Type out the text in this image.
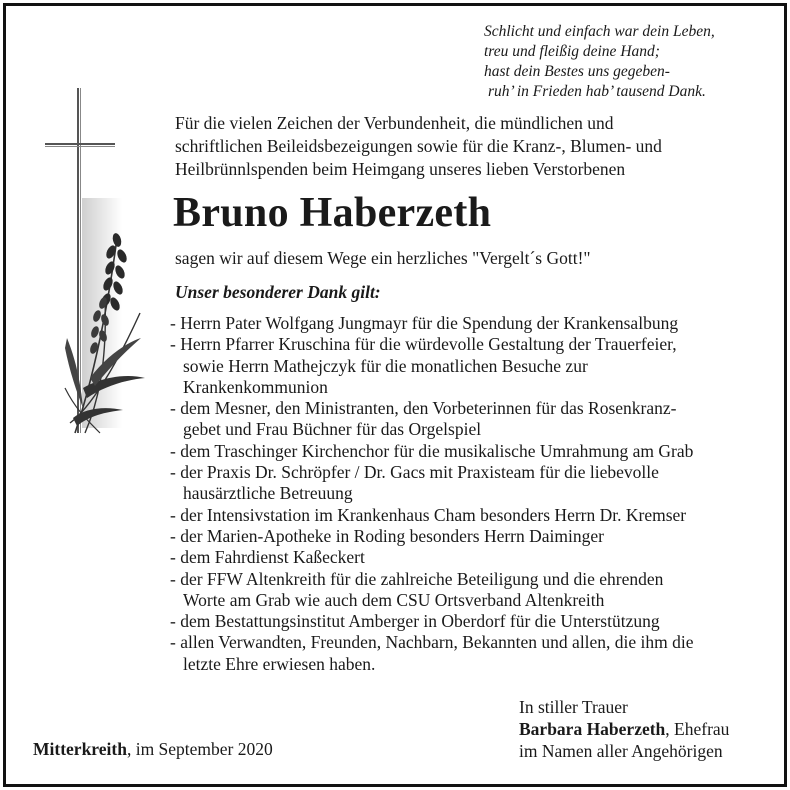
Schlicht und einfach war dein Leben,
treu und fleißig deine Hand;
hast dein Bestes uns gegeben-
ruh’ in Frieden hab’ tausend Dank.
Für die vielen Zeichen der Verbundenheit, die mündlichen und
schriftlichen Beileidsbezeigungen sowie für die Kranz-, Blumen- und
Heilbrünnlspenden beim Heimgang unseres lieben Verstorbenen
Bruno Haberzeth
sagen wir auf diesem Wege ein herzliches "Vergelt´s Gott!"
Unser besonderer Dank gilt:
- Herrn Pater Wolfgang Jungmayr für die Spendung der Krankensalbung
- Herrn Pfarrer Kruschina für die würdevolle Gestaltung der Trauerfeier,
sowie Herrn Mathejczyk für die monatlichen Besuche zur
Krankenkommunion
- dem Mesner, den Ministranten, den Vorbeterinnen für das Rosenkranz-
gebet und Frau Büchner für das Orgelspiel
- dem Traschinger Kirchenchor für die musikalische Umrahmung am Grab
- der Praxis Dr. Schröpfer / Dr. Gacs mit Praxisteam für die liebevolle
hausärztliche Betreuung
- der Intensivstation im Krankenhaus Cham besonders Herrn Dr. Kremser
- der Marien-Apotheke in Roding besonders Herrn Daiminger
- dem Fahrdienst Kaßeckert
- der FFW Altenkreith für die zahlreiche Beteiligung und die ehrenden
Worte am Grab wie auch dem CSU Ortsverband Altenkreith
- dem Bestattungsinstitut Amberger in Oberdorf für die Unterstützung
- allen Verwandten, Freunden, Nachbarn, Bekannten und allen, die ihm die
letzte Ehre erwiesen haben.
Mitterkreith, im September 2020
In stiller Trauer
Barbara Haberzeth, Ehefrau
im Namen aller Angehörigen
